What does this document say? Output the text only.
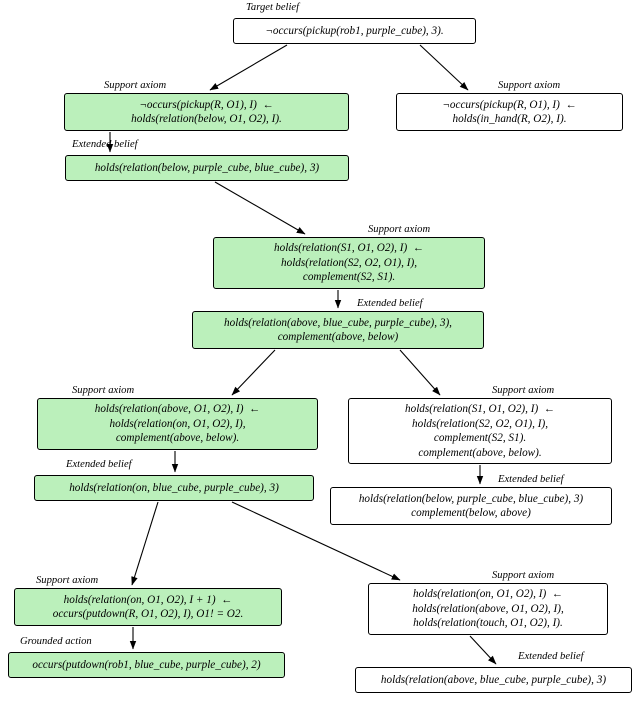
Target belief
Support axiom	Support axiom
Extended belief
Support axiom
Extended belief
Support axiom	Support axiom
Extended belief
Extended belief
Support axiom	Support axiom
Grounded action
Extended belief
¬occurs(pickup(rob1, purple_cube), 3).
¬occurs(pickup(R, O1), I)  ←
holds(relation(below, O1, O2), I).
¬occurs(pickup(R, O1), I)  ←
holds(in_hand(R, O2), I).
holds(relation(below, purple_cube, blue_cube), 3)
holds(relation(S1, O1, O2), I)  ←
holds(relation(S2, O2, O1), I),
complement(S2, S1).
holds(relation(above, blue_cube, purple_cube), 3),
complement(above, below)
holds(relation(above, O1, O2), I)  ←
holds(relation(on, O1, O2), I),
complement(above, below).
holds(relation(S1, O1, O2), I)  ←
holds(relation(S2, O2, O1), I),
complement(S2, S1).
complement(above, below).
holds(relation(on, blue_cube, purple_cube), 3)
holds(relation(below, purple_cube, blue_cube), 3)
complement(below, above)
holds(relation(on, O1, O2), I + 1)  ←
occurs(putdown(R, O1, O2), I), O1! = O2.
holds(relation(on, O1, O2), I)  ←
holds(relation(above, O1, O2), I),
holds(relation(touch, O1, O2), I).
occurs(putdown(rob1, blue_cube, purple_cube), 2)
holds(relation(above, blue_cube, purple_cube), 3)
